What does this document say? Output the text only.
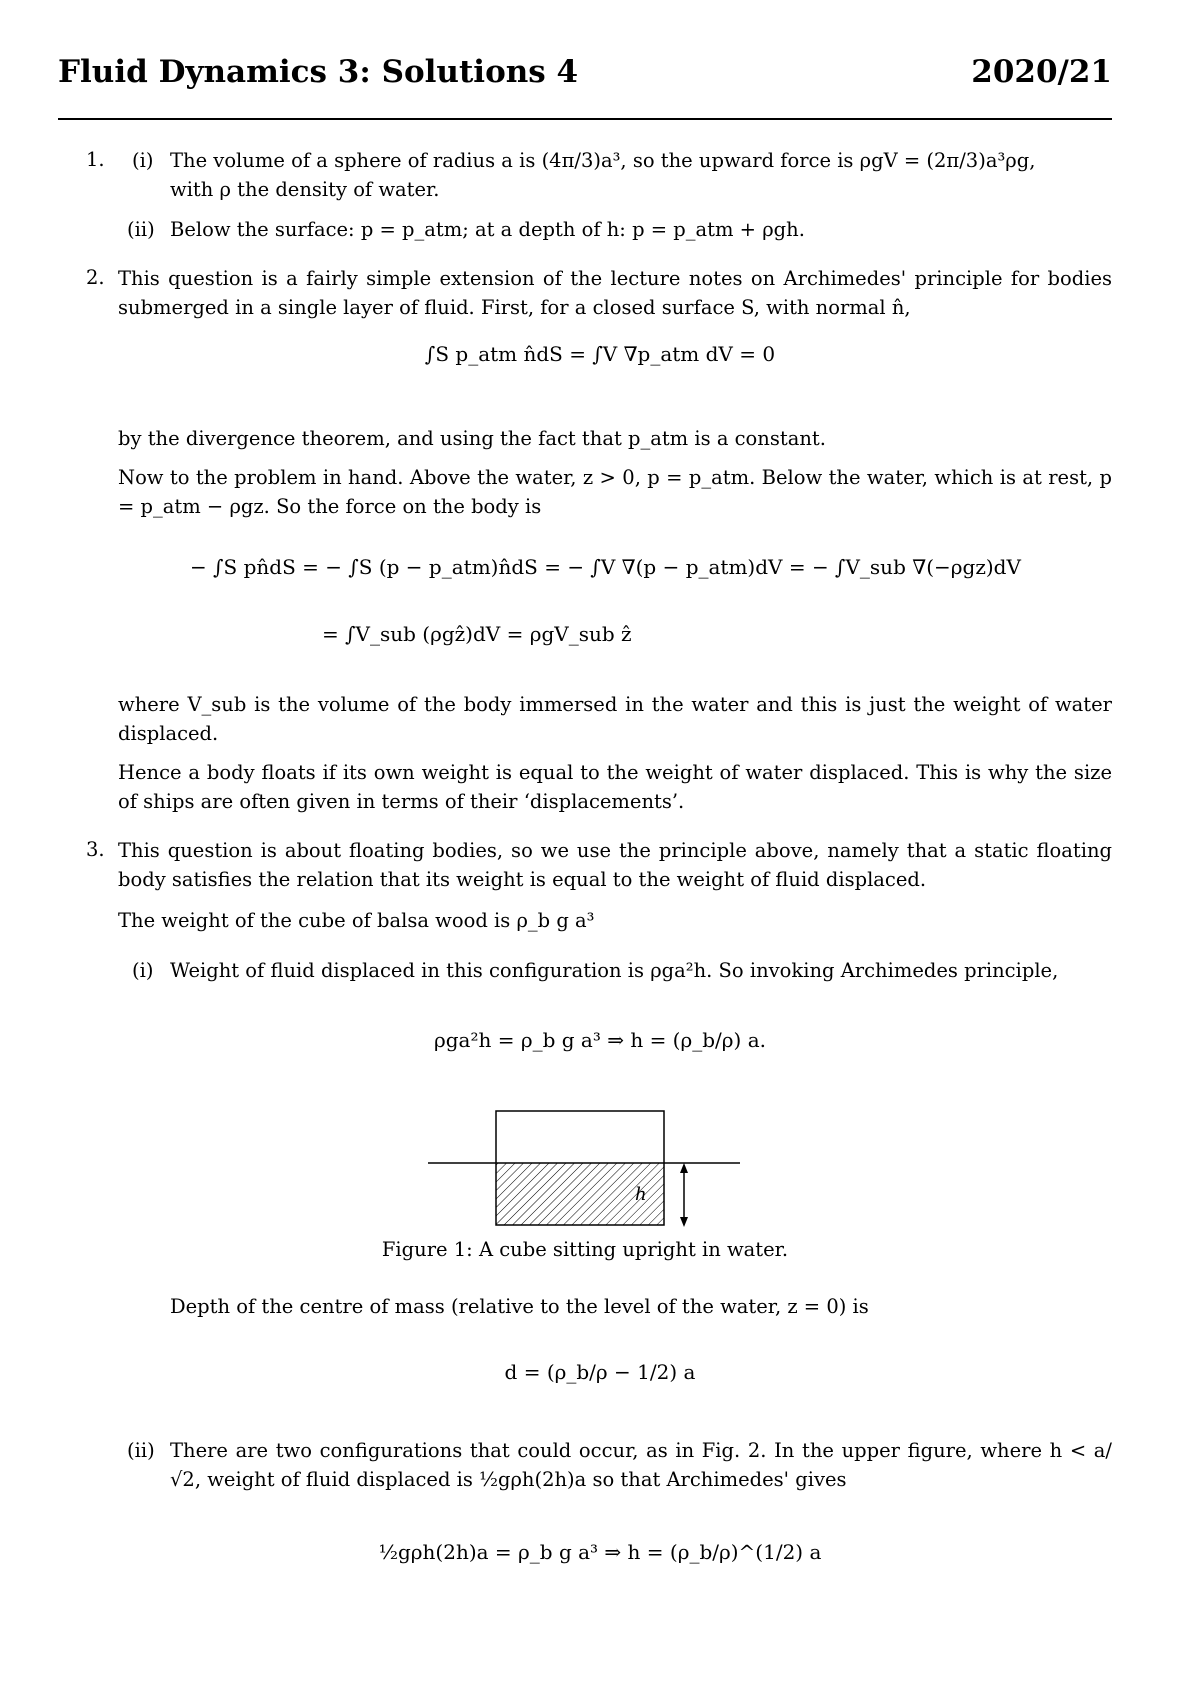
Fluid Dynamics 3: Solutions 4	2020/21
1. (i) The volume of a sphere of radius a is (4π/3)a³, so the upward force is ρgV = (2π/3)a³ρg,
with ρ the density of water.
(ii) Below the surface: p = p_atm; at a depth of h: p = p_atm + ρgh.
2. This question is a fairly simple extension of the lecture notes on Archimedes' principle for bodies submerged in a single layer of fluid. First, for a closed surface S, with normal n̂,
∫S p_atm n̂dS = ∫V ∇p_atm dV = 0
by the divergence theorem, and using the fact that p_atm is a constant.
Now to the problem in hand. Above the water, z > 0, p = p_atm. Below the water, which is at rest, p = p_atm − ρgz. So the force on the body is
− ∫S pn̂dS = − ∫S (p − p_atm)n̂dS = − ∫V ∇(p − p_atm)dV = − ∫V_sub ∇(−ρgz)dV
= ∫V_sub (ρgẑ)dV = ρgV_sub ẑ
where V_sub is the volume of the body immersed in the water and this is just the weight of water displaced.
Hence a body floats if its own weight is equal to the weight of water displaced. This is why the size of ships are often given in terms of their ‘displacements’.
3. This question is about floating bodies, so we use the principle above, namely that a static floating body satisfies the relation that its weight is equal to the weight of fluid displaced.
The weight of the cube of balsa wood is ρ_b g a³
(i) Weight of fluid displaced in this configuration is ρga²h. So invoking Archimedes principle,
ρga²h = ρ_b g a³ ⇒ h = (ρ_b/ρ) a.
h
Figure 1: A cube sitting upright in water.
Depth of the centre of mass (relative to the level of the water, z = 0) is
d = (ρ_b/ρ − 1/2) a
(ii) There are two configurations that could occur, as in Fig. 2. In the upper figure, where h < a/√2, weight of fluid displaced is ½gρh(2h)a so that Archimedes' gives
½gρh(2h)a = ρ_b g a³ ⇒ h = (ρ_b/ρ)^(1/2) a
